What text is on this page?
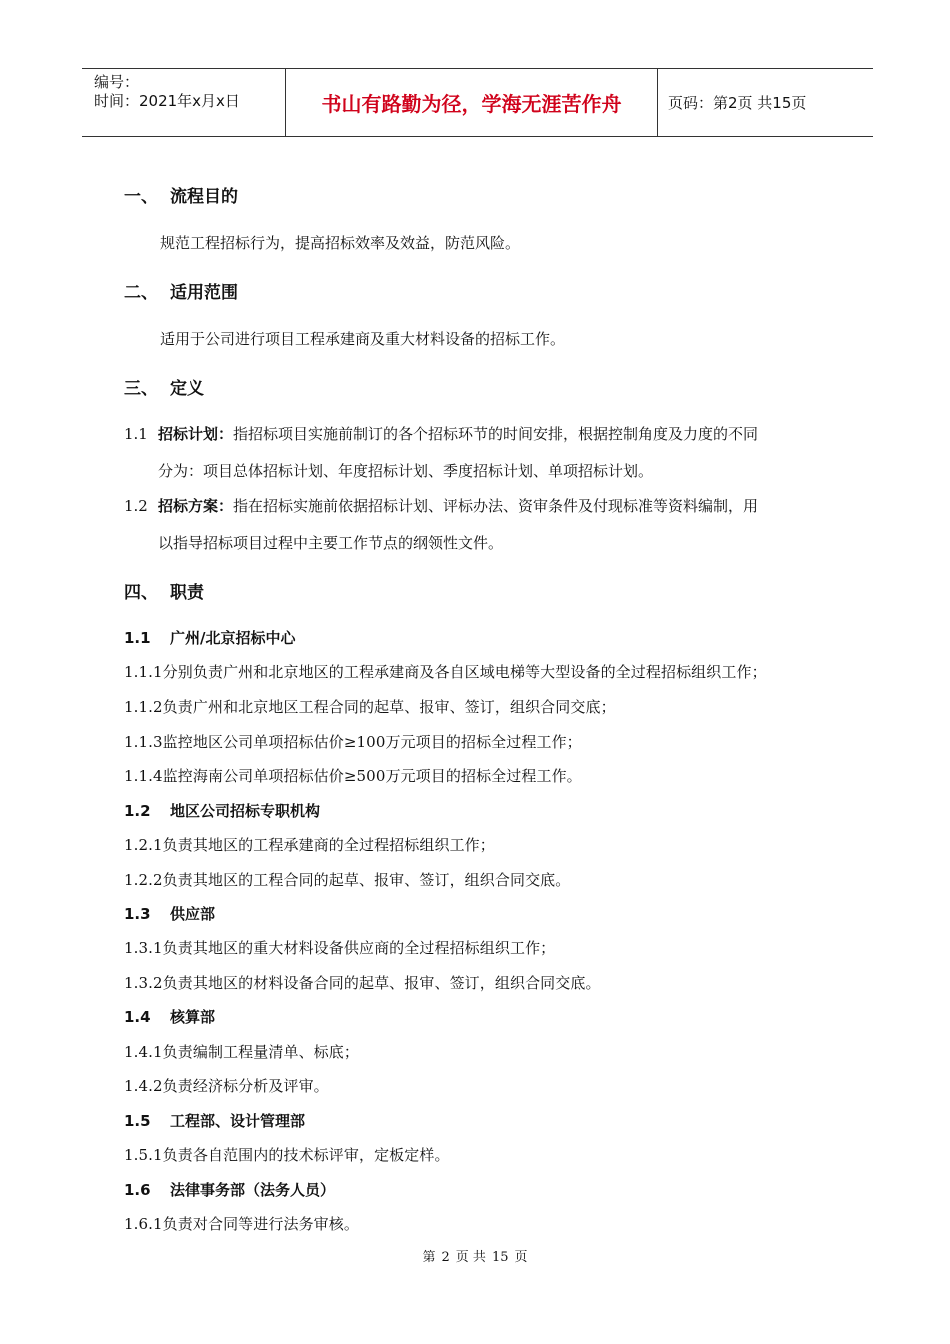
编号：
时间：2021年x月x日	书山有路勤为径，学海无涯苦作舟	页码：第2页 共15页
一、 流程目的
规范工程招标行为，提高招标效率及效益，防范风险。
二、 适用范围
适用于公司进行项目工程承建商及重大材料设备的招标工作。
三、 定义
1.1 招标计划：指招标项目实施前制订的各个招标环节的时间安排，根据控制角度及力度的不同
分为：项目总体招标计划、年度招标计划、季度招标计划、单项招标计划。
1.2 招标方案：指在招标实施前依据招标计划、评标办法、资审条件及付现标准等资料编制，用
以指导招标项目过程中主要工作节点的纲领性文件。
四、 职责
1.1 广州/北京招标中心
1.1.1分别负责广州和北京地区的工程承建商及各自区域电梯等大型设备的全过程招标组织工作；
1.1.2负责广州和北京地区工程合同的起草、报审、签订，组织合同交底；
1.1.3监控地区公司单项招标估价≥100万元项目的招标全过程工作；
1.1.4监控海南公司单项招标估价≥500万元项目的招标全过程工作。
1.2 地区公司招标专职机构
1.2.1负责其地区的工程承建商的全过程招标组织工作；
1.2.2负责其地区的工程合同的起草、报审、签订，组织合同交底。
1.3 供应部
1.3.1负责其地区的重大材料设备供应商的全过程招标组织工作；
1.3.2负责其地区的材料设备合同的起草、报审、签订，组织合同交底。
1.4 核算部
1.4.1负责编制工程量清单、标底；
1.4.2负责经济标分析及评审。
1.5 工程部、设计管理部
1.5.1负责各自范围内的技术标评审，定板定样。
1.6 法律事务部（法务人员）
1.6.1负责对合同等进行法务审核。
第 2 页 共 15 页
